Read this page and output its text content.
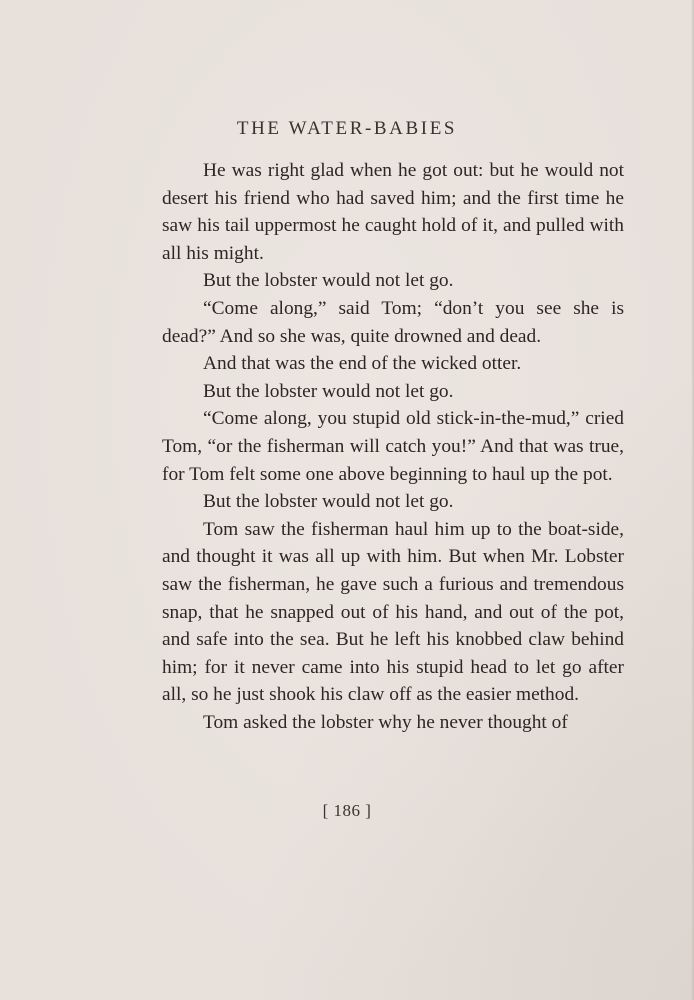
THE WATER-BABIES

He was right glad when he got out: but he would not desert his friend who had saved him; and the first time he saw his tail uppermost he caught hold of it, and pulled with all his might.

But the lobster would not let go.

“Come along,” said Tom; “don’t you see she is dead?” And so she was, quite drowned and dead.

And that was the end of the wicked otter.

But the lobster would not let go.

“Come along, you stupid old stick-in-the-mud,” cried Tom, “or the fisherman will catch you!” And that was true, for Tom felt some one above beginning to haul up the pot.

But the lobster would not let go.

Tom saw the fisherman haul him up to the boat-side, and thought it was all up with him. But when Mr. Lobster saw the fisherman, he gave such a furious and tremendous snap, that he snapped out of his hand, and out of the pot, and safe into the sea. But he left his knobbed claw behind him; for it never came into his stupid head to let go after all, so he just shook his claw off as the easier method.

Tom asked the lobster why he never thought of

[ 186 ]
